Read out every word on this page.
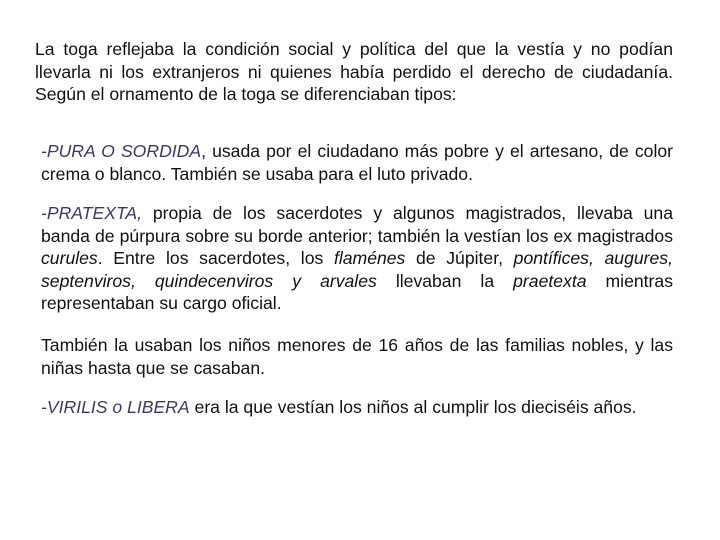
La toga reflejaba la condición social y política del que la vestía y no podían llevarla ni los extranjeros ni quienes había perdido el derecho de ciudadanía. Según el ornamento de la toga se diferenciaban tipos:

-PURA O SORDIDA, usada por el ciudadano más pobre y el artesano, de color crema o blanco. También se usaba para el luto privado.

-PRATEXTA, propia de los sacerdotes y algunos magistrados, llevaba una banda de púrpura sobre su borde anterior; también la vestían los ex magistrados curules. Entre los sacerdotes, los flaménes de Júpiter, pontífices, augures, septenviros, quindecenviros y arvales llevaban la praetexta mientras representaban su cargo oficial.

También la usaban los niños menores de 16 años de las familias nobles, y las niñas hasta que se casaban.

-VIRILIS o LIBERA era la que vestían los niños al cumplir los dieciséis años.
